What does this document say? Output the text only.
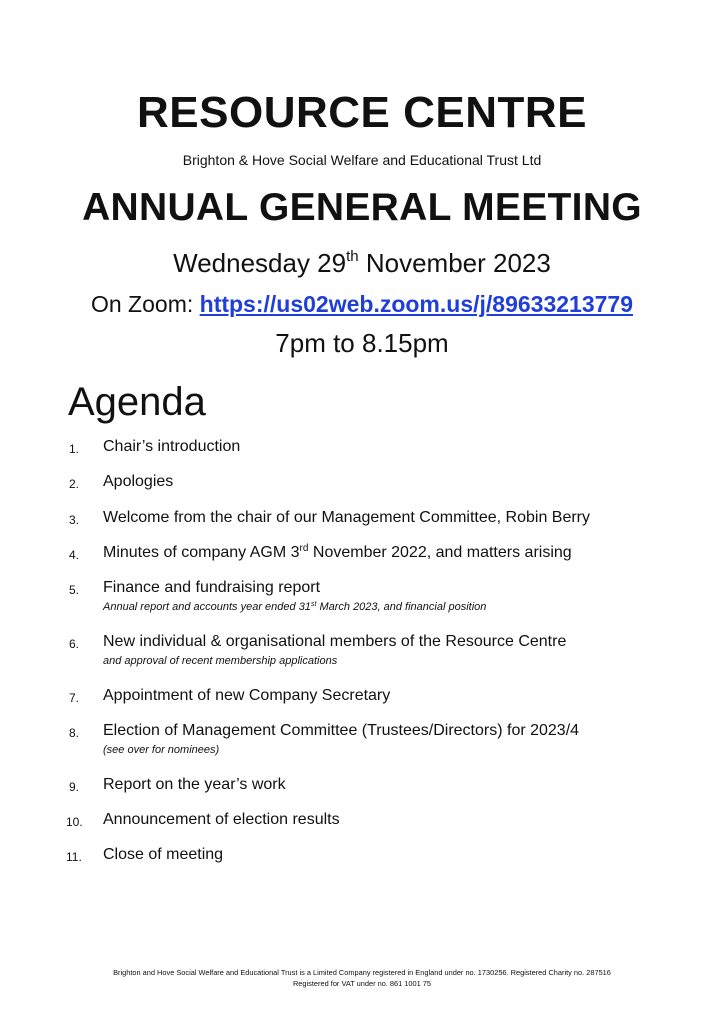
RESOURCE CENTRE
Brighton & Hove Social Welfare and Educational Trust Ltd
ANNUAL GENERAL MEETING
Wednesday 29th November 2023
On Zoom: https://us02web.zoom.us/j/89633213779
7pm to 8.15pm
Agenda
1. Chair’s introduction
2. Apologies
3. Welcome from the chair of our Management Committee, Robin Berry
4. Minutes of company AGM 3rd November 2022, and matters arising
5. Finance and fundraising report
Annual report and accounts year ended 31st March 2023, and financial position
6. New individual & organisational members of the Resource Centre
and approval of recent membership applications
7. Appointment of new Company Secretary
8. Election of Management Committee (Trustees/Directors) for 2023/4
(see over for nominees)
9. Report on the year’s work
10. Announcement of election results
11. Close of meeting
Brighton and Hove Social Welfare and Educational Trust is a Limited Company registered in England under no. 1730256. Registered Charity no. 287516
Registered for VAT under no. 861 1001 75
